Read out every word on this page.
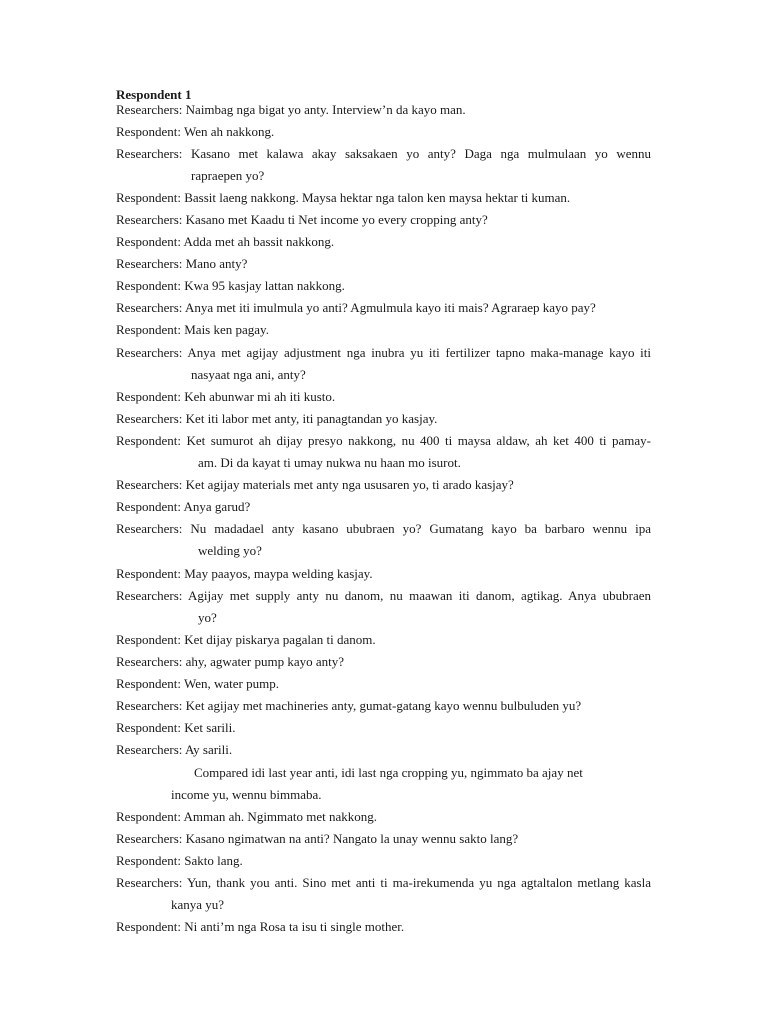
Respondent 1
Researchers: Naimbag nga bigat yo anty. Interview’n da kayo man.
Respondent: Wen ah nakkong.
Researchers: Kasano met kalawa akay saksakaen yo anty? Daga nga mulmulaan yo wennu
rapraepen yo?
Respondent: Bassit laeng nakkong. Maysa hektar nga talon ken maysa hektar ti kuman.
Researchers: Kasano met Kaadu ti Net income yo every cropping anty?
Respondent: Adda met ah bassit nakkong.
Researchers: Mano anty?
Respondent: Kwa 95 kasjay lattan nakkong.
Researchers: Anya met iti imulmula yo anti? Agmulmula kayo iti mais? Agraraep kayo pay?
Respondent: Mais ken pagay.
Researchers: Anya met agijay adjustment nga inubra yu iti fertilizer tapno maka-manage kayo iti
nasyaat nga ani, anty?
Respondent: Keh abunwar mi ah iti kusto.
Researchers: Ket iti labor met anty, iti panagtandan yo kasjay.
Respondent: Ket sumurot ah dijay presyo nakkong, nu 400 ti maysa aldaw, ah ket 400 ti pamay-
am. Di da kayat ti umay nukwa nu haan mo isurot.
Researchers: Ket agijay materials met anty nga ususaren yo, ti arado kasjay?
Respondent: Anya garud?
Researchers: Nu madadael anty kasano ububraen yo? Gumatang kayo ba barbaro wennu ipa
welding yo?
Respondent: May paayos, maypa welding kasjay.
Researchers: Agijay met supply anty nu danom, nu maawan iti danom, agtikag. Anya ububraen
yo?
Respondent: Ket dijay piskarya pagalan ti danom.
Researchers: ahy, agwater pump kayo anty?
Respondent: Wen, water pump.
Researchers: Ket agijay met machineries anty, gumat-gatang kayo wennu bulbuluden yu?
Respondent: Ket sarili.
Researchers: Ay sarili.
Compared idi last year anti, idi last nga cropping yu, ngimmato ba ajay net
income yu, wennu bimmaba.
Respondent: Amman ah. Ngimmato met nakkong.
Researchers: Kasano ngimatwan na anti? Nangato la unay wennu sakto lang?
Respondent: Sakto lang.
Researchers: Yun, thank you anti. Sino met anti ti ma-irekumenda yu nga agtaltalon metlang kasla
kanya yu?
Respondent: Ni anti’m nga Rosa ta isu ti single mother.
